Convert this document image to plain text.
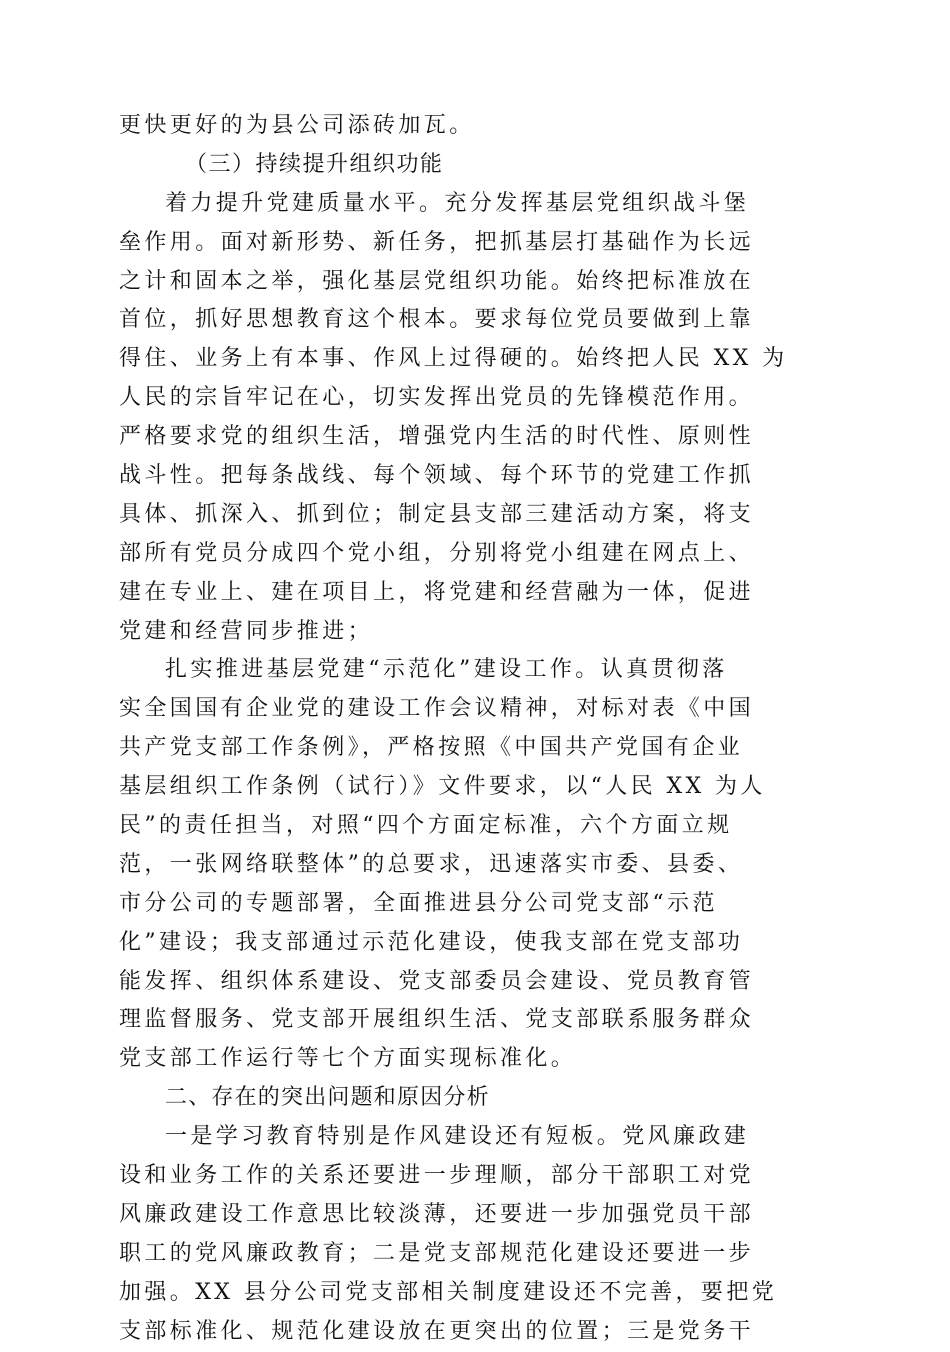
更快更好的为县公司添砖加瓦。
（三）持续提升组织功能
着力提升党建质量水平。充分发挥基层党组织战斗堡
垒作用。面对新形势、新任务，把抓基层打基础作为长远
之计和固本之举，强化基层党组织功能。始终把标准放在
首位，抓好思想教育这个根本。要求每位党员要做到上靠
得住、业务上有本事、作风上过得硬的。始终把人民 XX 为
人民的宗旨牢记在心，切实发挥出党员的先锋模范作用。
严格要求党的组织生活，增强党内生活的时代性、原则性
战斗性。把每条战线、每个领域、每个环节的党建工作抓
具体、抓深入、抓到位；制定县支部三建活动方案，将支
部所有党员分成四个党小组，分别将党小组建在网点上、
建在专业上、建在项目上，将党建和经营融为一体，促进
党建和经营同步推进；
扎实推进基层党建“示范化”建设工作。认真贯彻落
实全国国有企业党的建设工作会议精神，对标对表《中国
共产党支部工作条例》，严格按照《中国共产党国有企业
基层组织工作条例（试行）》文件要求，以“人民 XX 为人
民”的责任担当，对照“四个方面定标准，六个方面立规
范，一张网络联整体”的总要求，迅速落实市委、县委、
市分公司的专题部署，全面推进县分公司党支部“示范
化”建设；我支部通过示范化建设，使我支部在党支部功
能发挥、组织体系建设、党支部委员会建设、党员教育管
理监督服务、党支部开展组织生活、党支部联系服务群众
党支部工作运行等七个方面实现标准化。
二、存在的突出问题和原因分析
一是学习教育特别是作风建设还有短板。党风廉政建
设和业务工作的关系还要进一步理顺，部分干部职工对党
风廉政建设工作意思比较淡薄，还要进一步加强党员干部
职工的党风廉政教育；二是党支部规范化建设还要进一步
加强。XX 县分公司党支部相关制度建设还不完善，要把党
支部标准化、规范化建设放在更突出的位置；三是党务干
